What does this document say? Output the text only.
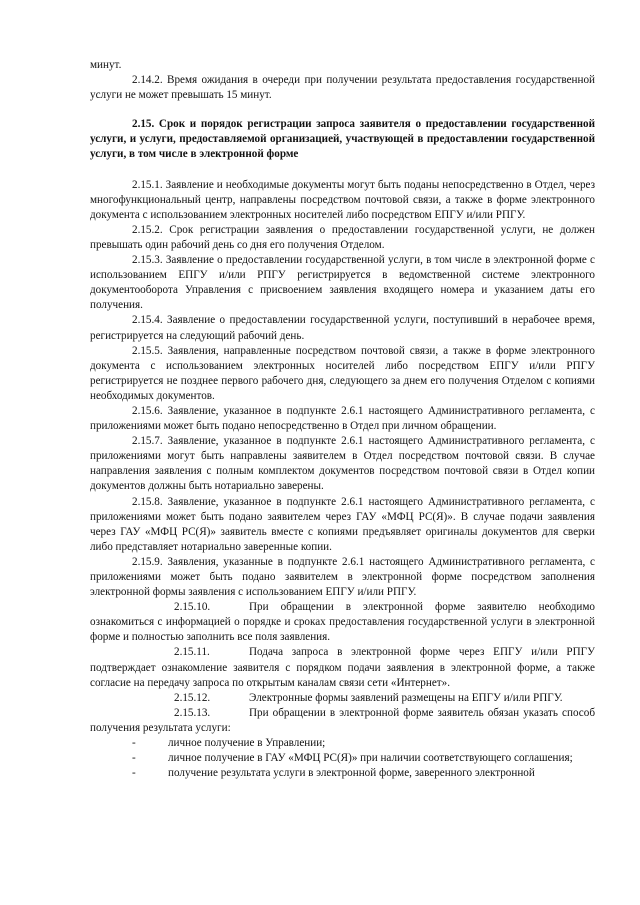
минут.

2.14.2. Время ожидания в очереди при получении результата предоставления государственной услуги не может превышать 15 минут.

2.15. Срок и порядок регистрации запроса заявителя о предоставлении государственной услуги, и услуги, предоставляемой организацией, участвующей в предоставлении государственной услуги, в том числе в электронной форме

2.15.1. Заявление и необходимые документы могут быть поданы непосредственно в Отдел, через многофункциональный центр, направлены посредством почтовой связи, а также в форме электронного документа с использованием электронных носителей либо посредством ЕПГУ и/или РПГУ.

2.15.2. Срок регистрации заявления о предоставлении государственной услуги, не должен превышать один рабочий день со дня его получения Отделом.

2.15.3. Заявление о предоставлении государственной услуги, в том числе в электронной форме с использованием ЕПГУ и/или РПГУ регистрируется в ведомственной системе электронного документооборота Управления с присвоением заявления входящего номера и указанием даты его получения.

2.15.4. Заявление о предоставлении государственной услуги, поступивший в нерабочее время, регистрируется на следующий рабочий день.

2.15.5. Заявления, направленные посредством почтовой связи, а также в форме электронного документа с использованием электронных носителей либо посредством ЕПГУ и/или РПГУ регистрируется не позднее первого рабочего дня, следующего за днем его получения Отделом с копиями необходимых документов.

2.15.6. Заявление, указанное в подпункте 2.6.1 настоящего Административного регламента, с приложениями может быть подано непосредственно в Отдел при личном обращении.

2.15.7. Заявление, указанное в подпункте 2.6.1 настоящего Административного регламента, с приложениями могут быть направлены заявителем в Отдел посредством почтовой связи. В случае направления заявления с полным комплектом документов посредством почтовой связи в Отдел копии документов должны быть нотариально заверены.

2.15.8. Заявление, указанное в подпункте 2.6.1 настоящего Административного регламента, с приложениями может быть подано заявителем через ГАУ «МФЦ РС(Я)». В случае подачи заявления через ГАУ «МФЦ РС(Я)» заявитель вместе с копиями предъявляет оригиналы документов для сверки либо представляет нотариально заверенные копии.

2.15.9. Заявления, указанные в подпункте 2.6.1 настоящего Административного регламента, с приложениями может быть подано заявителем в электронной форме посредством заполнения электронной формы заявления с использованием ЕПГУ и/или РПГУ.

2.15.10.	При обращении в электронной форме заявителю необходимо ознакомиться с информацией о порядке и сроках предоставления государственной услуги в электронной форме и полностью заполнить все поля заявления.

2.15.11.	Подача запроса в электронной форме через ЕПГУ и/или РПГУ подтверждает ознакомление заявителя с порядком подачи заявления в электронной форме, а также согласие на передачу запроса по открытым каналам связи сети «Интернет».

2.15.12.	Электронные формы заявлений размещены на ЕПГУ и/или РПГУ.

2.15.13.	При обращении в электронной форме заявитель обязан указать способ получения результата услуги:

-	личное получение в Управлении;

-	личное получение в ГАУ «МФЦ РС(Я)» при наличии соответствующего соглашения;

-	получение результата услуги в электронной форме, заверенного электронной
